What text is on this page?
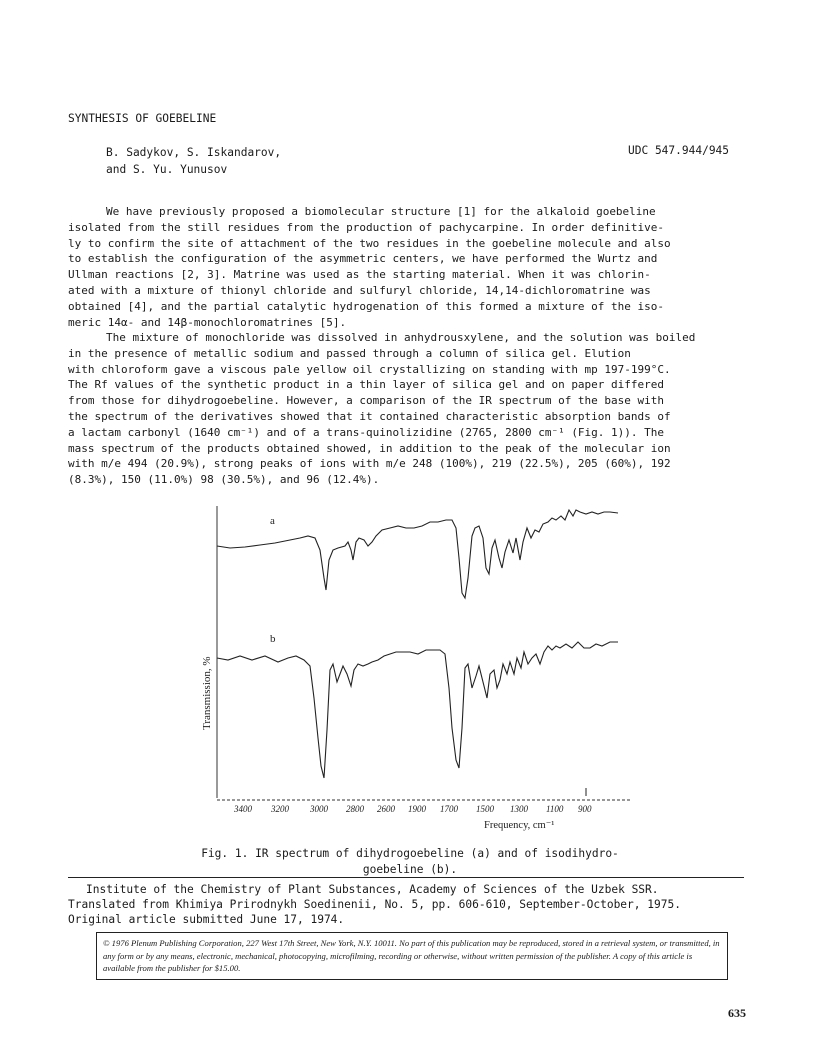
SYNTHESIS OF GOEBELINE
B. Sadykov, S. Iskandarov,
and S. Yu. Yunusov
UDC 547.944/945
We have previously proposed a biomolecular structure [1] for the alkaloid goebeline
isolated from the still residues from the production of pachycarpine. In order definitive-
ly to confirm the site of attachment of the two residues in the goebeline molecule and also
to establish the configuration of the asymmetric centers, we have performed the Wurtz and
Ullman reactions [2, 3]. Matrine was used as the starting material. When it was chlorin-
ated with a mixture of thionyl chloride and sulfuryl chloride, 14,14-dichloromatrine was
obtained [4], and the partial catalytic hydrogenation of this formed a mixture of the iso-
meric 14α- and 14β-monochloromatrines [5].
The mixture of monochloride was dissolved in anhydrousxylene, and the solution was boiled
in the presence of metallic sodium and passed through a column of silica gel. Elution
with chloroform gave a viscous pale yellow oil crystallizing on standing with mp 197-199°C.
The Rf values of the synthetic product in a thin layer of silica gel and on paper differed
from those for dihydrogoebeline. However, a comparison of the IR spectrum of the base with
the spectrum of the derivatives showed that it contained characteristic absorption bands of
a lactam carbonyl (1640 cm⁻¹) and of a trans-quinolizidine (2765, 2800 cm⁻¹ (Fig. 1)). The
mass spectrum of the products obtained showed, in addition to the peak of the molecular ion
with m/e 494 (20.9%), strong peaks of ions with m/e 248 (100%), 219 (22.5%), 205 (60%), 192
(8.3%), 150 (11.0%) 98 (30.5%), and 96 (12.4%).
a
b
Transmission, %
3400 3200 3000 2800 2600 1900 1700 1500 1300 1100 900
Frequency, cm⁻¹
Fig. 1. IR spectrum of dihydrogoebeline (a) and of isodihydro-
goebeline (b).
Institute of the Chemistry of Plant Substances, Academy of Sciences of the Uzbek SSR.
Translated from Khimiya Prirodnykh Soedinenii, No. 5, pp. 606-610, September-October, 1975.
Original article submitted June 17, 1974.
© 1976 Plenum Publishing Corporation, 227 West 17th Street, New York, N.Y. 10011. No part of this publication may be reproduced, stored in a retrieval system, or transmitted, in any form or by any means, electronic, mechanical, photocopying, microfilming, recording or otherwise, without written permission of the publisher. A copy of this article is available from the publisher for $15.00.
635
